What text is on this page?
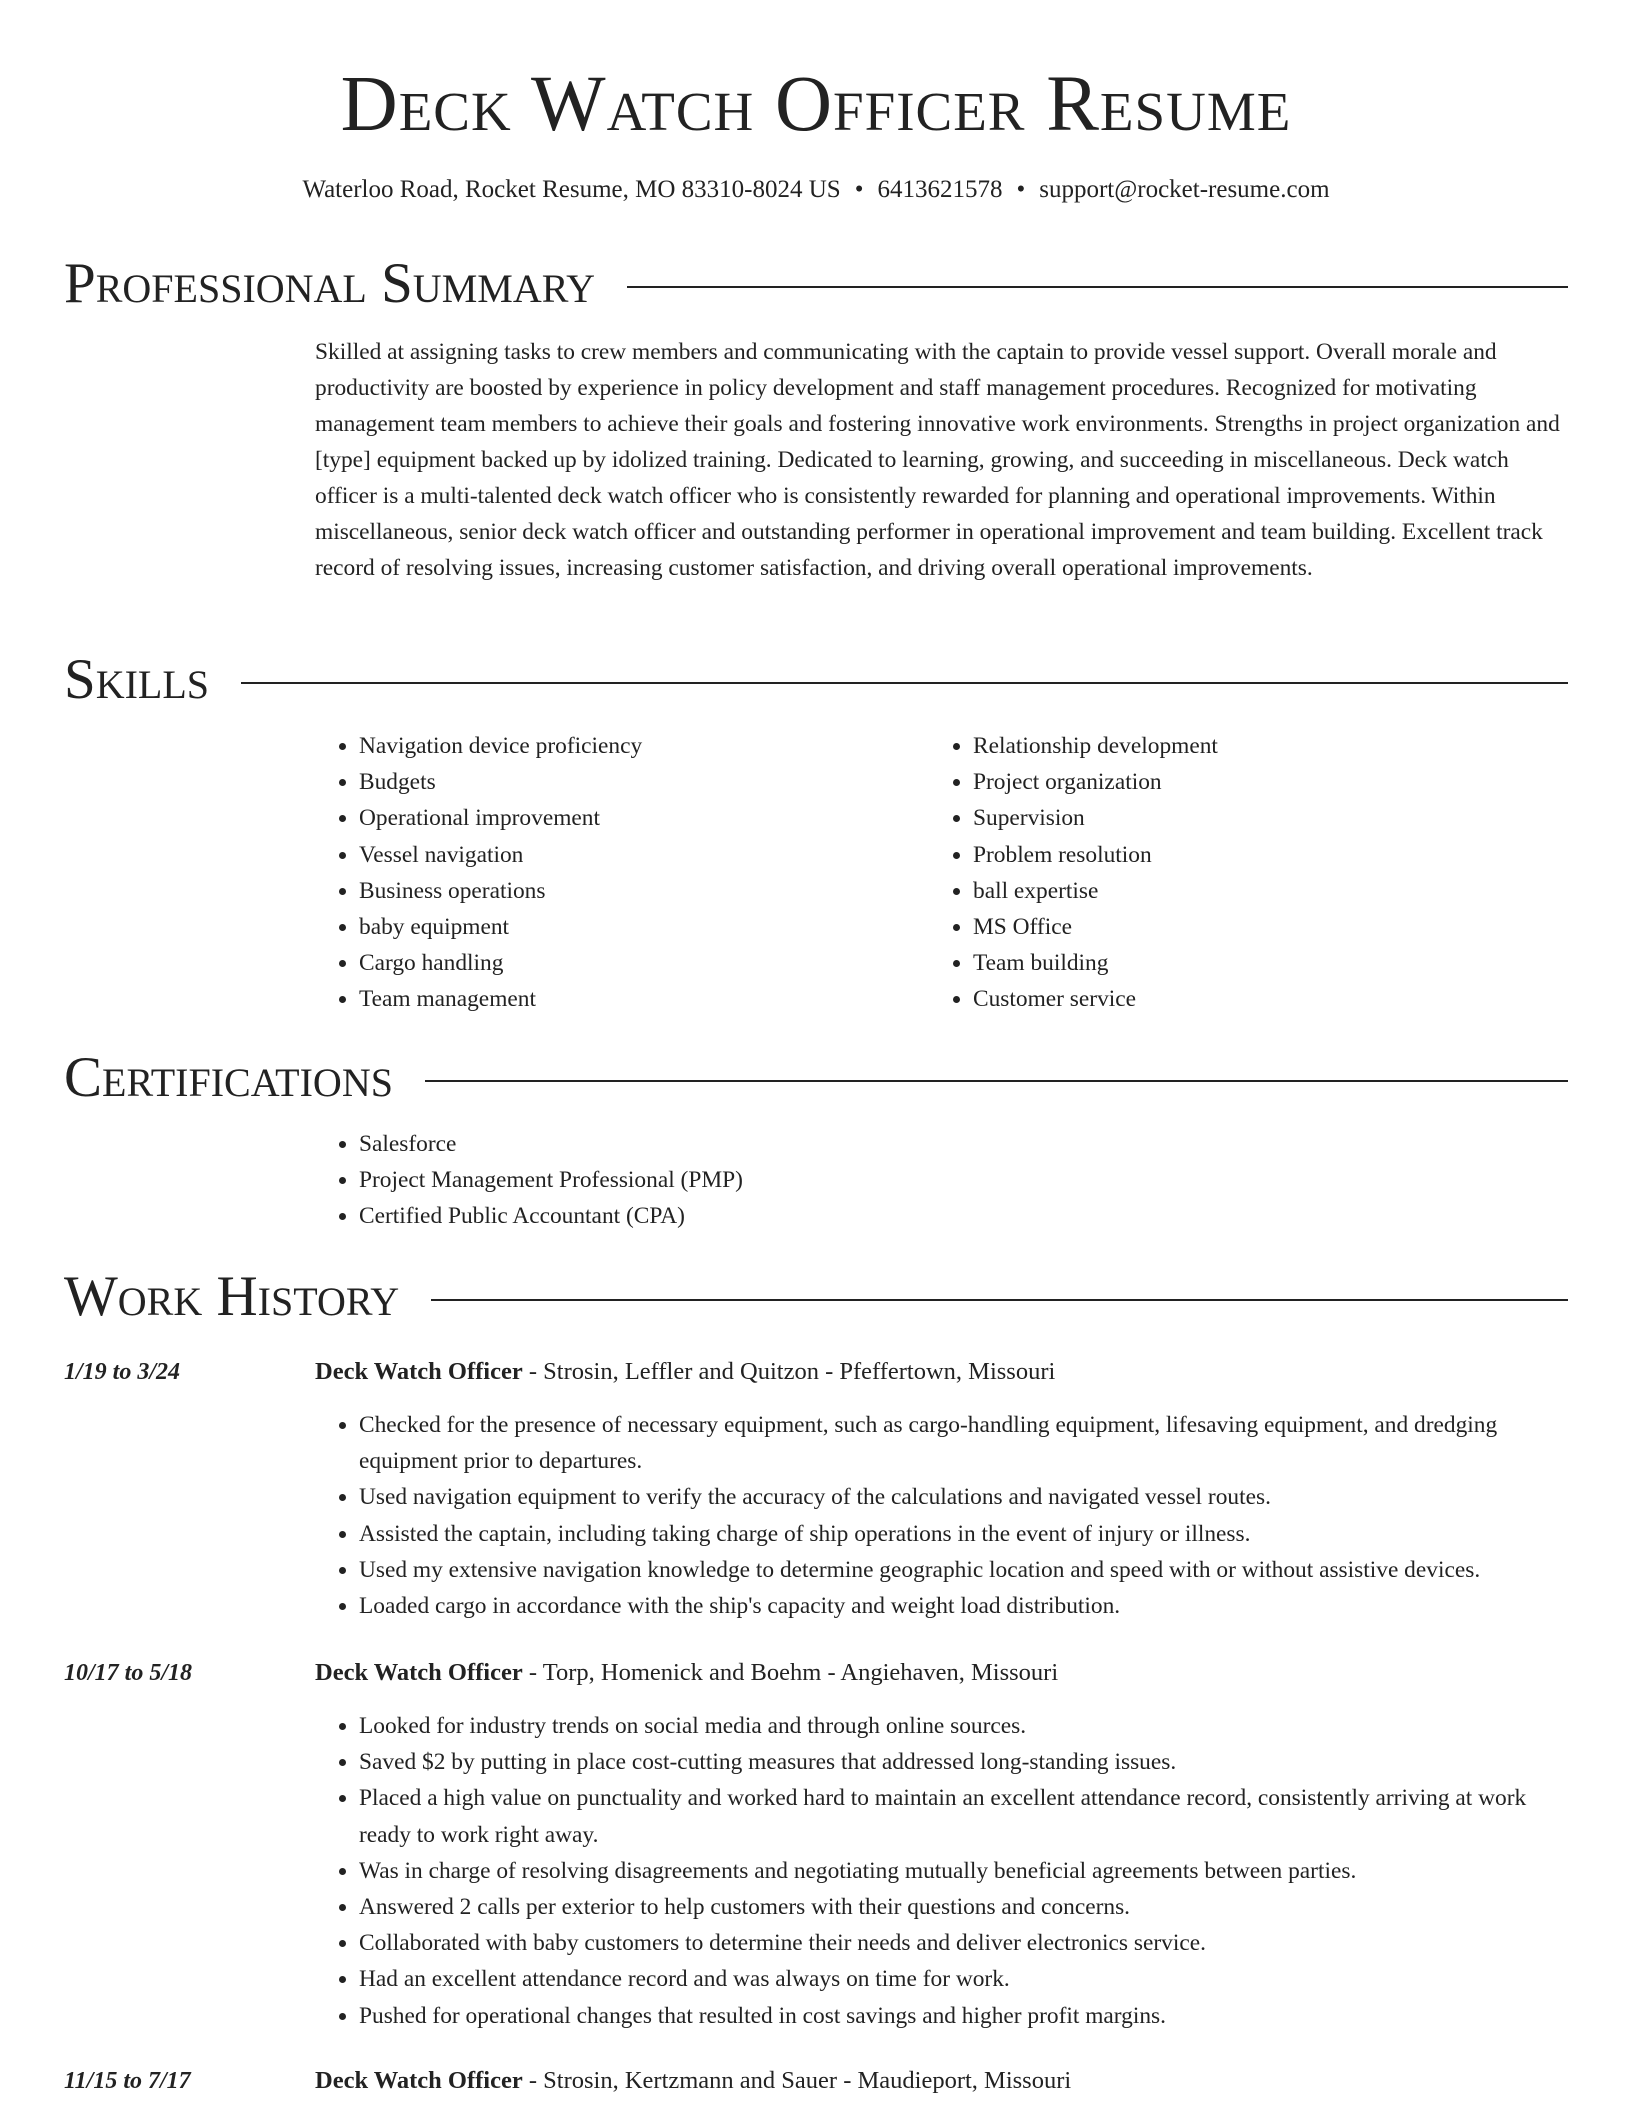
Deck Watch Officer Resume
Waterloo Road, Rocket Resume, MO 83310-8024 US • 6413621578 • support@rocket-resume.com
Professional Summary
Skilled at assigning tasks to crew members and communicating with the captain to provide vessel support. Overall morale and productivity are boosted by experience in policy development and staff management procedures. Recognized for motivating management team members to achieve their goals and fostering innovative work environments. Strengths in project organization and [type] equipment backed up by idolized training. Dedicated to learning, growing, and succeeding in miscellaneous. Deck watch officer is a multi-talented deck watch officer who is consistently rewarded for planning and operational improvements. Within miscellaneous, senior deck watch officer and outstanding performer in operational improvement and team building. Excellent track record of resolving issues, increasing customer satisfaction, and driving overall operational improvements.
Skills
• Navigation device proficiency
• Budgets
• Operational improvement
• Vessel navigation
• Business operations
• baby equipment
• Cargo handling
• Team management
• Relationship development
• Project organization
• Supervision
• Problem resolution
• ball expertise
• MS Office
• Team building
• Customer service
Certifications
• Salesforce
• Project Management Professional (PMP)
• Certified Public Accountant (CPA)
Work History
1/19 to 3/24	Deck Watch Officer - Strosin, Leffler and Quitzon - Pfeffertown, Missouri
• Checked for the presence of necessary equipment, such as cargo-handling equipment, lifesaving equipment, and dredging equipment prior to departures.
• Used navigation equipment to verify the accuracy of the calculations and navigated vessel routes.
• Assisted the captain, including taking charge of ship operations in the event of injury or illness.
• Used my extensive navigation knowledge to determine geographic location and speed with or without assistive devices.
• Loaded cargo in accordance with the ship's capacity and weight load distribution.
10/17 to 5/18	Deck Watch Officer - Torp, Homenick and Boehm - Angiehaven, Missouri
• Looked for industry trends on social media and through online sources.
• Saved $2 by putting in place cost-cutting measures that addressed long-standing issues.
• Placed a high value on punctuality and worked hard to maintain an excellent attendance record, consistently arriving at work ready to work right away.
• Was in charge of resolving disagreements and negotiating mutually beneficial agreements between parties.
• Answered 2 calls per exterior to help customers with their questions and concerns.
• Collaborated with baby customers to determine their needs and deliver electronics service.
• Had an excellent attendance record and was always on time for work.
• Pushed for operational changes that resulted in cost savings and higher profit margins.
11/15 to 7/17	Deck Watch Officer - Strosin, Kertzmann and Sauer - Maudieport, Missouri
